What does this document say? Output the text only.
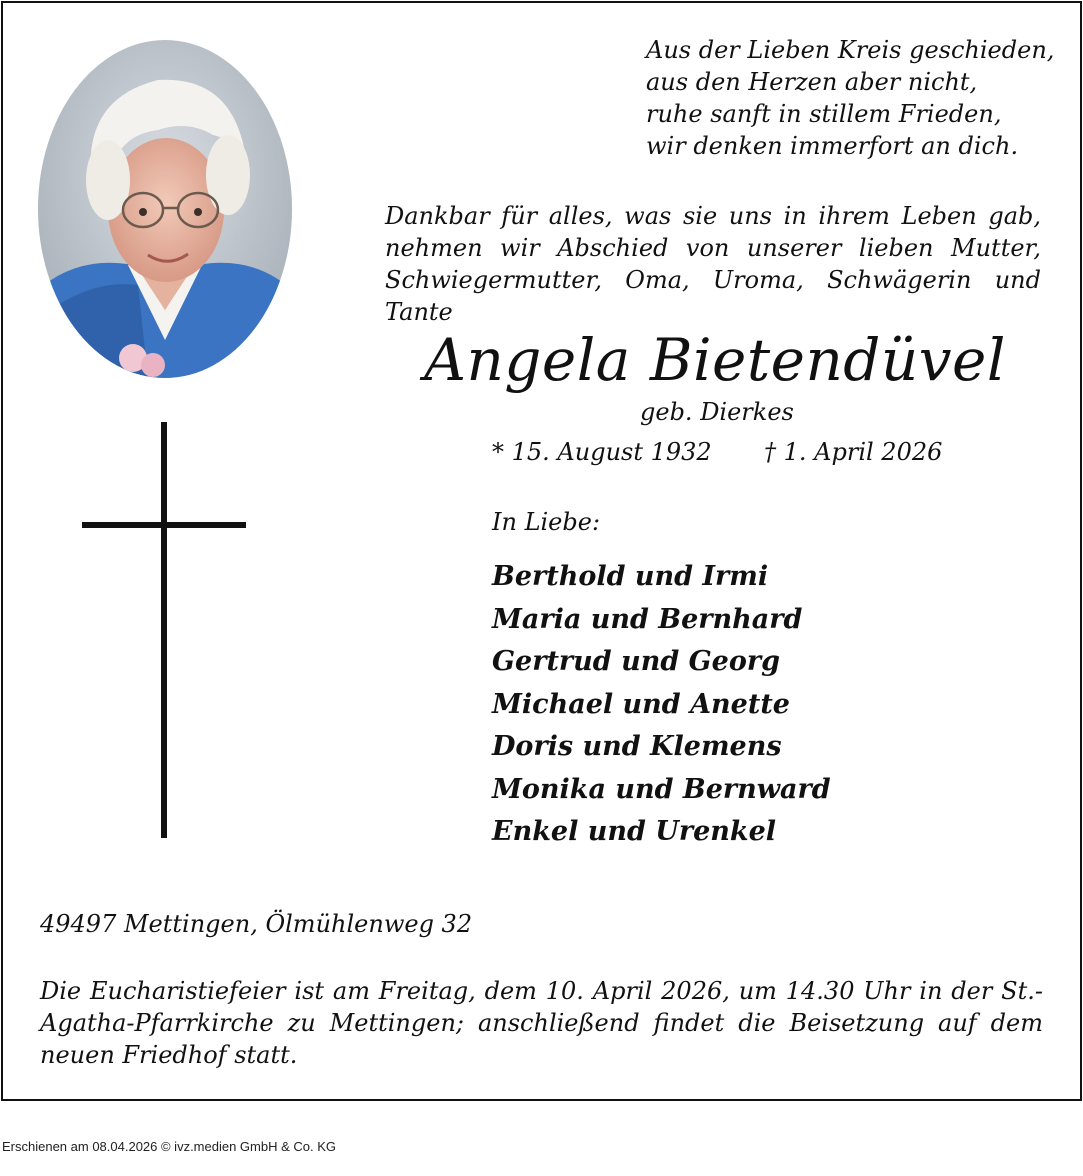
Aus der Lieben Kreis geschieden,
aus den Herzen aber nicht,
ruhe sanft in stillem Frieden,
wir denken immerfort an dich.
Dankbar für alles, was sie uns in ihrem Leben gab,
nehmen wir Abschied von unserer lieben Mutter,
Schwiegermutter, Oma, Uroma, Schwägerin und Tante
Angela Bietendüvel
geb. Dierkes
* 15. August 1932 † 1. April 2026
In Liebe:
Berthold und Irmi
Maria und Bernhard
Gertrud und Georg
Michael und Anette
Doris und Klemens
Monika und Bernward
Enkel und Urenkel
49497 Mettingen, Ölmühlenweg 32
Die Eucharistiefeier ist am Freitag, dem 10. April 2026, um 14.30 Uhr in der St.-Agatha-Pfarrkirche zu Mettingen; anschließend findet die Beisetzung auf dem neuen Friedhof statt.
Erschienen am 08.04.2026 © ivz.medien GmbH & Co. KG
